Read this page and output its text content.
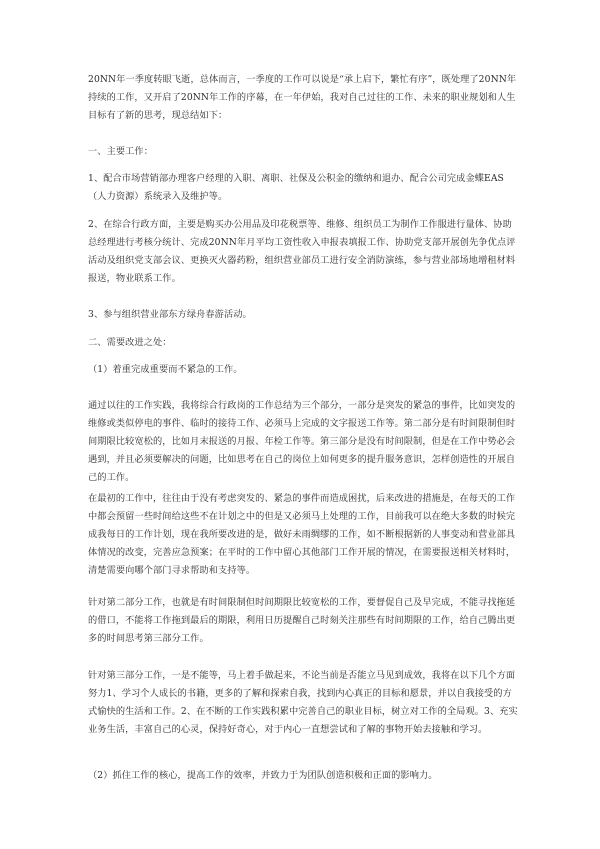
20NN年一季度转眼飞逝，总体而言，一季度的工作可以说是“承上启下，繁忙有序”，既处理了20NN年持续的工作，又开启了20NN年工作的序幕，在一年伊始，我对自己过往的工作、未来的职业规划和人生目标有了新的思考，现总结如下：

一、主要工作：

1、配合市场营销部办理客户经理的入职、离职、社保及公积金的缴纳和退办、配合公司完成金蝶EAS（人力资源）系统录入及维护等。

2、在综合行政方面，主要是购买办公用品及印花税票等、维修、组织员工为制作工作服进行量体、协助总经理进行考核分统计、完成20NN年月平均工资性收入申报表填报工作、协助党支部开展创先争优点评活动及组织党支部会议、更换灭火器药粉，组织营业部员工进行安全消防演练，参与营业部场地增租材料报送，物业联系工作。

3、参与组织营业部东方绿舟春游活动。

二、需要改进之处：

（1）着重完成重要而不紧急的工作。

通过以往的工作实践，我将综合行政岗的工作总结为三个部分，一部分是突发的紧急的事件，比如突发的维修或类似停电的事件、临时的接待工作、必须马上完成的文字报送工作等。第二部分是有时间限制但时间期限比较宽松的，比如月末报送的月报、年检工作等。第三部分是没有时间限制，但是在工作中势必会遇到，并且必须要解决的问题，比如思考在自己的岗位上如何更多的提升服务意识，怎样创造性的开展自己的工作。

在最初的工作中，往往由于没有考虑突发的、紧急的事件而造成困扰，后来改进的措施是，在每天的工作中都会预留一些时间给这些不在计划之中的但是又必须马上处理的工作，目前我可以在绝大多数的时候完成我每日的工作计划，现在我所要改进的是，做好未雨绸缪的工作，如不断根据新的人事变动和营业部具体情况的改变，完善应急预案；在平时的工作中留心其他部门工作开展的情况，在需要报送相关材料时，清楚需要向哪个部门寻求帮助和支持等。

针对第二部分工作，也就是有时间限制但时间期限比较宽松的工作，要督促自己及早完成，不能寻找拖延的借口，不能将工作拖到最后的期限，利用日历提醒自己时刻关注那些有时间期限的工作，给自己腾出更多的时间思考第三部分工作。

针对第三部分工作，一是不能等，马上着手做起来，不论当前是否能立马见到成效，我将在以下几个方面努力1、学习个人成长的书籍，更多的了解和探索自我，找到内心真正的目标和愿景，并以自我接受的方式愉快的生活和工作。2、在不断的工作实践积累中完善自己的职业目标，树立对工作的全局观。3、充实业务生活，丰富自己的心灵，保持好奇心，对于内心一直想尝试和了解的事物开始去接触和学习。

（2）抓住工作的核心，提高工作的效率，并致力于为团队创造积极和正面的影响力。
